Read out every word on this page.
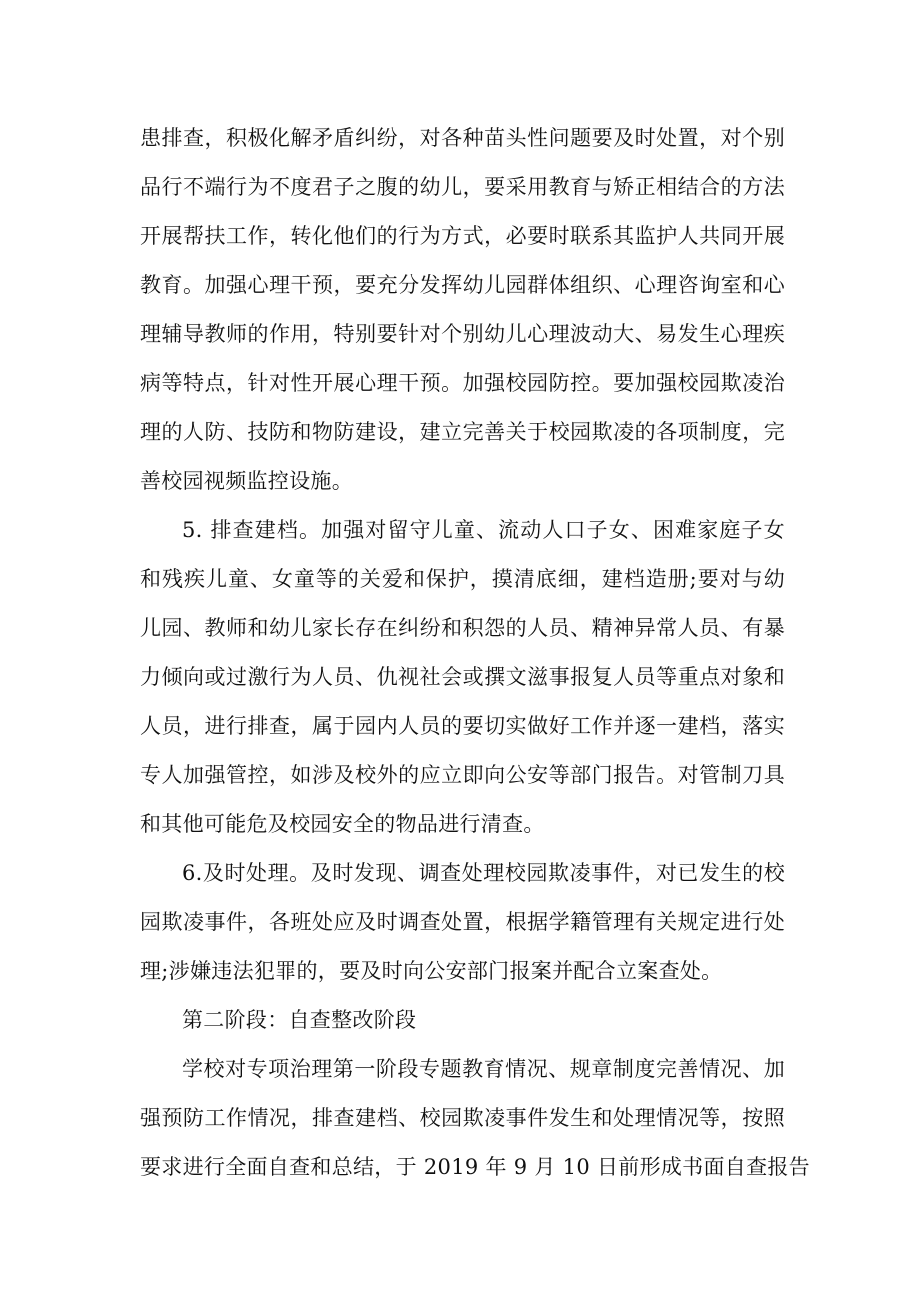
患排查，积极化解矛盾纠纷，对各种苗头性问题要及时处置，对个别
品行不端行为不度君子之腹的幼儿，要采用教育与矫正相结合的方法
开展帮扶工作，转化他们的行为方式，必要时联系其监护人共同开展
教育。加强心理干预，要充分发挥幼儿园群体组织、心理咨询室和心
理辅导教师的作用，特别要针对个别幼儿心理波动大、易发生心理疾
病等特点，针对性开展心理干预。加强校园防控。要加强校园欺凌治
理的人防、技防和物防建设，建立完善关于校园欺凌的各项制度，完
善校园视频监控设施。
5. 排查建档。加强对留守儿童、流动人口子女、困难家庭子女
和残疾儿童、女童等的关爱和保护，摸清底细，建档造册;要对与幼
儿园、教师和幼儿家长存在纠纷和积怨的人员、精神异常人员、有暴
力倾向或过激行为人员、仇视社会或撰文滋事报复人员等重点对象和
人员，进行排查，属于园内人员的要切实做好工作并逐一建档，落实
专人加强管控，如涉及校外的应立即向公安等部门报告。对管制刀具
和其他可能危及校园安全的物品进行清查。
6.及时处理。及时发现、调查处理校园欺凌事件，对已发生的校
园欺凌事件，各班处应及时调查处置，根据学籍管理有关规定进行处
理;涉嫌违法犯罪的，要及时向公安部门报案并配合立案查处。
第二阶段：自查整改阶段
学校对专项治理第一阶段专题教育情况、规章制度完善情况、加
强预防工作情况，排查建档、校园欺凌事件发生和处理情况等，按照
要求进行全面自查和总结，于 2019 年 9 月 10 日前形成书面自查报告
